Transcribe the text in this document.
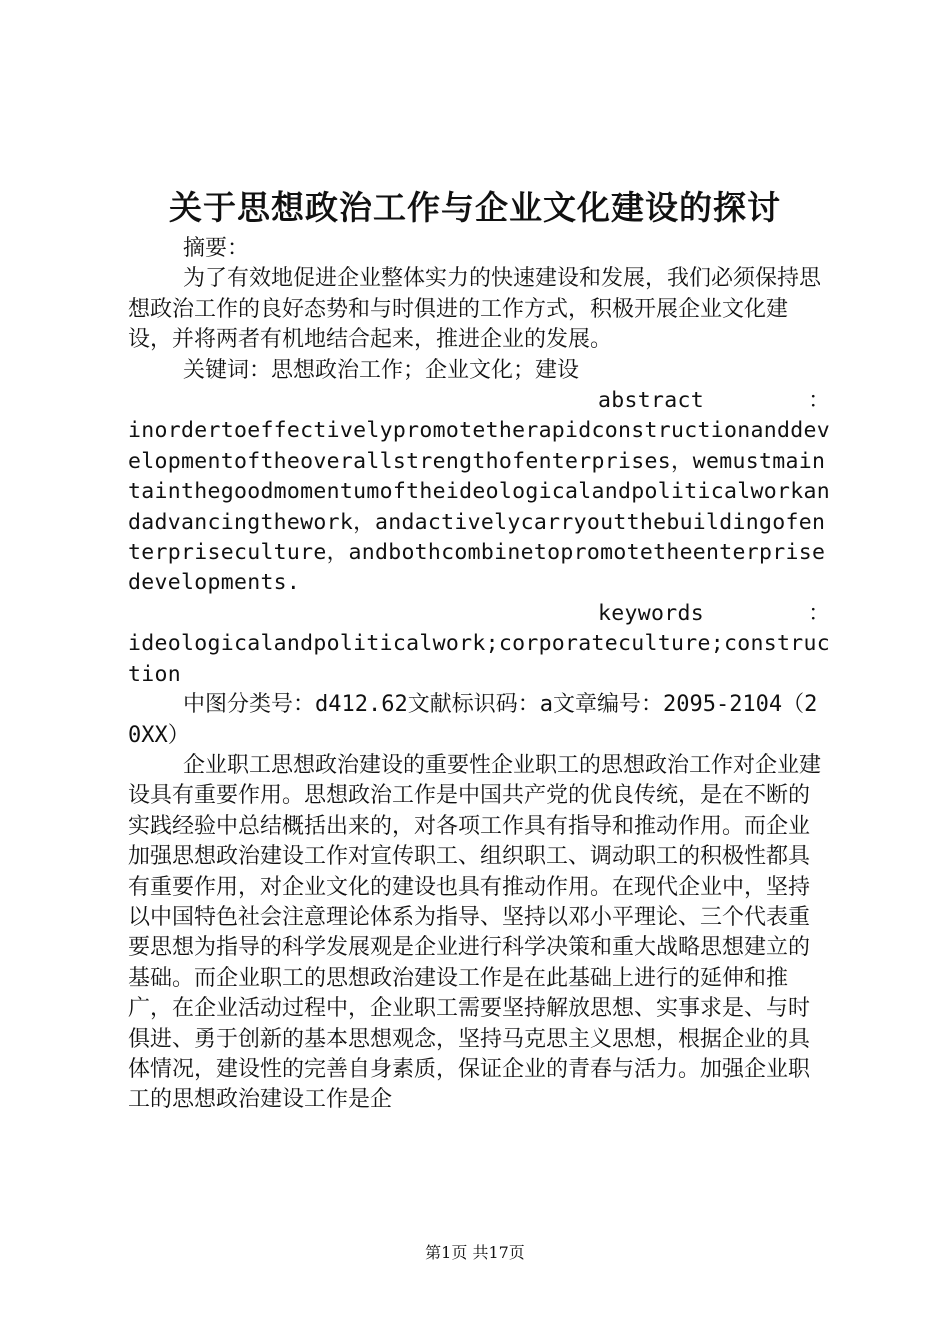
关于思想政治工作与企业文化建设的探讨

摘要：

为了有效地促进企业整体实力的快速建设和发展，我们必须保持思想政治工作的良好态势和与时俱进的工作方式，积极开展企业文化建设，并将两者有机地结合起来，推进企业的发展。

关键词：思想政治工作；企业文化；建设

abstract	：

inordertoeffectivelypromotetherapidconstructionanddevelopmentoftheoverallstrengthofenterprises，wemustmaintainthegoodmomentumoftheideologicalandpoliticalworkandadvancingthework，andactivelycarryoutthebuildingofenterpriseculture，andbothcombinetopromotetheenterprisedevelopments.

keywords	：

ideologicalandpoliticalwork;corporateculture;construction

中图分类号：d412.62文献标识码：a文章编号：2095-2104（20XX）

企业职工思想政治建设的重要性企业职工的思想政治工作对企业建设具有重要作用。思想政治工作是中国共产党的优良传统，是在不断的实践经验中总结概括出来的，对各项工作具有指导和推动作用。而企业加强思想政治建设工作对宣传职工、组织职工、调动职工的积极性都具有重要作用，对企业文化的建设也具有推动作用。在现代企业中，坚持以中国特色社会注意理论体系为指导、坚持以邓小平理论、三个代表重要思想为指导的科学发展观是企业进行科学决策和重大战略思想建立的基础。而企业职工的思想政治建设工作是在此基础上进行的延伸和推广，在企业活动过程中，企业职工需要坚持解放思想、实事求是、与时俱进、勇于创新的基本思想观念，坚持马克思主义思想，根据企业的具体情况，建设性的完善自身素质，保证企业的青春与活力。加强企业职工的思想政治建设工作是企

第1页 共17页
